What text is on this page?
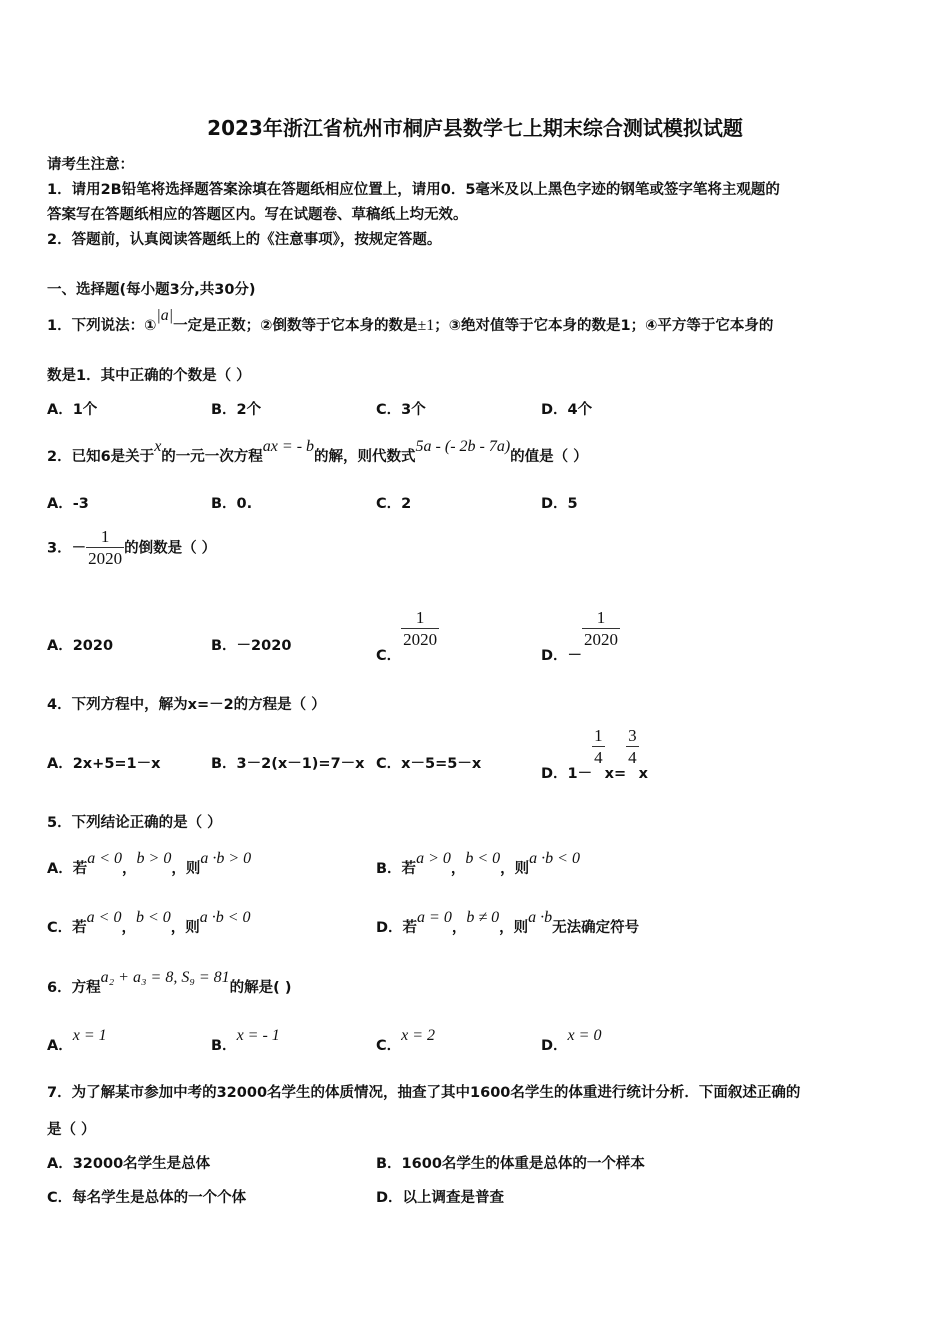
2023年浙江省杭州市桐庐县数学七上期末综合测试模拟试题
请考生注意：
1．请用2B铅笔将选择题答案涂填在答题纸相应位置上，请用0．5毫米及以上黑色字迹的钢笔或签字笔将主观题的
答案写在答题纸相应的答题区内。写在试题卷、草稿纸上均无效。
2．答题前，认真阅读答题纸上的《注意事项》，按规定答题。
一、选择题(每小题3分,共30分)
1．下列说法：①|a|一定是正数；②倒数等于它本身的数是±1；③绝对值等于它本身的数是1；④平方等于它本身的
数是1．其中正确的个数是（ ）
A．1个	B．2个	C．3个	D．4个
2．已知6是关于x的一元一次方程ax = - b的解，则代数式5a - (- 2b - 7a)的值是（ ）
A．-3	B．0.	C．2	D．5
3．－ $\frac{1}{2020}$ 的倒数是（ ）
A．2020	B．－2020
C．
$\frac{1}{2020}$
D．－
$\frac{1}{2020}$
4．下列方程中，解为x=－2的方程是（ ）
A．2x+5=1－x	B．3－2(x－1)=7－x C．x－5=5－x
D．1－
$\frac{1}{4}$
x=
$\frac{3}{4}$
x
5．下列结论正确的是（ ）
A．若a < 0，b > 0，则a ·b > 0
B．若a > 0，b < 0，则a ·b < 0
C．若a < 0，b < 0，则a ·b < 0
D．若a = 0，b ≠ 0，则a ·b无法确定符号
6．方程a₂ + a₃ = 8, S₉ = 81的解是( )
A．x = 1
B．x = - 1
C．x = 2
D．x = 0
7．为了解某市参加中考的32000名学生的体质情况，抽查了其中1600名学生的体重进行统计分析．下面叙述正确的
是（ ）
A．32000名学生是总体	B．1600名学生的体重是总体的一个样本
C．每名学生是总体的一个个体	D．以上调查是普查
